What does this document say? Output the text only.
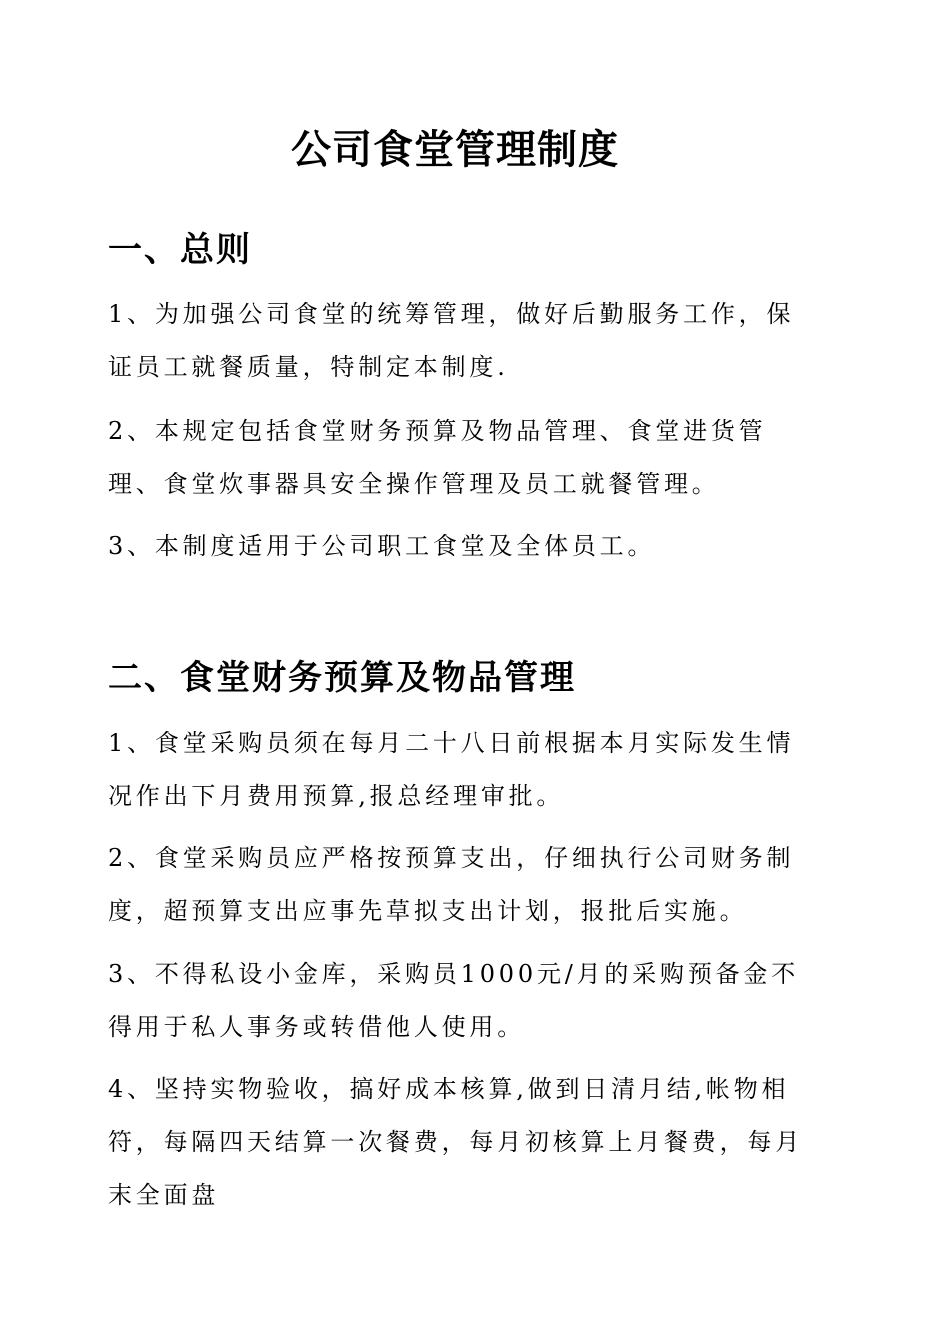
公司食堂管理制度
一、总则

1、为加强公司食堂的统筹管理，做好后勤服务工作，保证员工就餐质量，特制定本制度.

2、本规定包括食堂财务预算及物品管理、食堂进货管理、食堂炊事器具安全操作管理及员工就餐管理。

3、本制度适用于公司职工食堂及全体员工。

二、食堂财务预算及物品管理

1、食堂采购员须在每月二十八日前根据本月实际发生情况作出下月费用预算,报总经理审批。

2、食堂采购员应严格按预算支出，仔细执行公司财务制度，超预算支出应事先草拟支出计划，报批后实施。

3、不得私设小金库，采购员1000元/月的采购预备金不得用于私人事务或转借他人使用。

4、坚持实物验收，搞好成本核算,做到日清月结,帐物相符，每隔四天结算一次餐费，每月初核算上月餐费，每月末全面盘
